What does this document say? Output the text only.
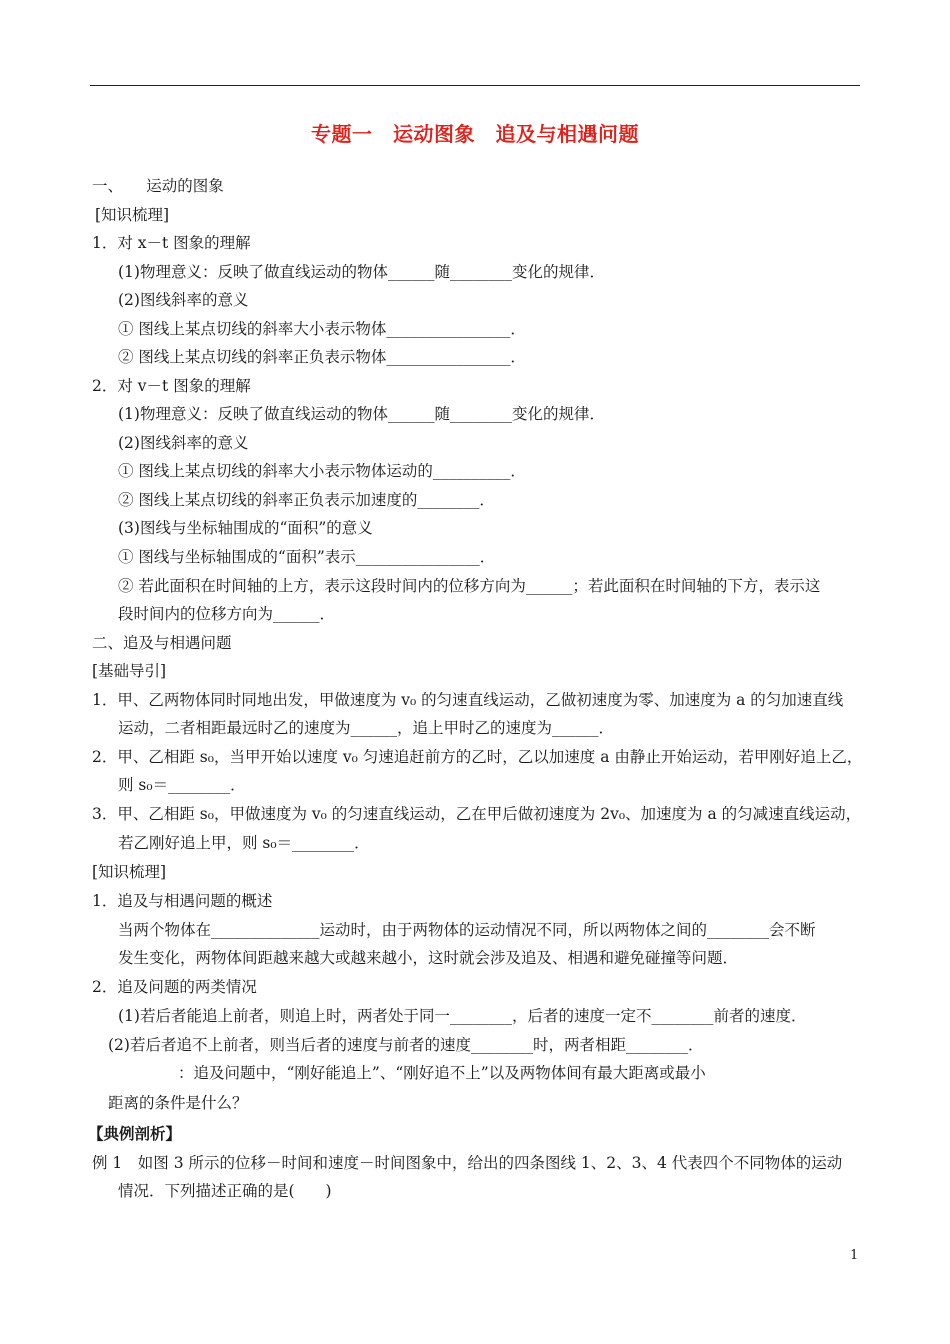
专题一　运动图象　追及与相遇问题
一、　　运动的图象
[知识梳理]
1．对 x－t 图象的理解
(1)物理意义：反映了做直线运动的物体______随________变化的规律．
(2)图线斜率的意义
① 图线上某点切线的斜率大小表示物体________________．
② 图线上某点切线的斜率正负表示物体________________．
2．对 v－t 图象的理解
(1)物理意义：反映了做直线运动的物体______随________变化的规律．
(2)图线斜率的意义
① 图线上某点切线的斜率大小表示物体运动的__________．
② 图线上某点切线的斜率正负表示加速度的________．
(3)图线与坐标轴围成的“面积”的意义
① 图线与坐标轴围成的“面积”表示________________．
② 若此面积在时间轴的上方，表示这段时间内的位移方向为______；若此面积在时间轴的下方，表示这
段时间内的位移方向为______．
二、追及与相遇问题
[基础导引]
1．甲、乙两物体同时同地出发，甲做速度为 v₀ 的匀速直线运动，乙做初速度为零、加速度为 a 的匀加速直线
运动，二者相距最远时乙的速度为______，追上甲时乙的速度为______．
2．甲、乙相距 s₀，当甲开始以速度 v₀ 匀速追赶前方的乙时，乙以加速度 a 由静止开始运动，若甲刚好追上乙，
则 s₀＝________．
3．甲、乙相距 s₀，甲做速度为 v₀ 的匀速直线运动，乙在甲后做初速度为 2v₀、加速度为 a 的匀减速直线运动，
若乙刚好追上甲，则 s₀＝________．
[知识梳理]
1．追及与相遇问题的概述
当两个物体在______________运动时，由于两物体的运动情况不同，所以两物体之间的________会不断
发生变化，两物体间距越来越大或越来越小，这时就会涉及追及、相遇和避免碰撞等问题．
2．追及问题的两类情况
(1)若后者能追上前者，则追上时，两者处于同一________，后者的速度一定不________前者的速度．
(2)若后者追不上前者，则当后者的速度与前者的速度________时，两者相距________．
：追及问题中，“刚好能追上”、“刚好追不上”以及两物体间有最大距离或最小
距离的条件是什么？
【典例剖析】
例 1　如图 3 所示的位移－时间和速度－时间图象中，给出的四条图线 1、2、3、4 代表四个不同物体的运动
情况．下列描述正确的是(　　)
1
